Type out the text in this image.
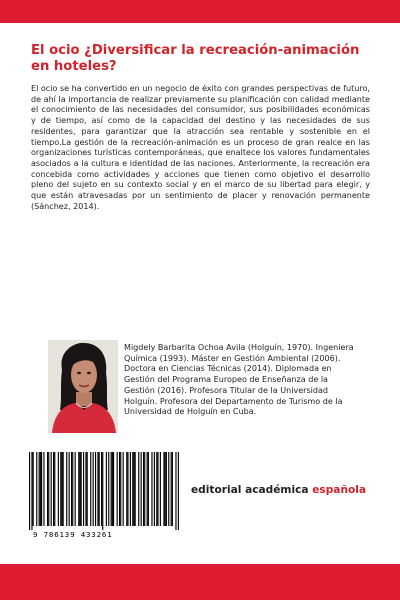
El ocio ¿Diversificar la recreación-animación en hoteles?

El ocio se ha convertido en un negocio de éxito con grandes perspectivas de futuro, de ahí la importancia de realizar previamente su planificación con calidad mediante el conocimiento de las necesidades del consumidor, sus posibilidades económicas y de tiempo, así como de la capacidad del destino y las necesidades de sus residentes, para garantizar que la atracción sea rentable y sostenible en el tiempo.La gestión de la recreación-animación es un proceso de gran realce en las organizaciones turísticas contemporáneas, que enaltece los valores fundamentales asociados a la cultura e identidad de las naciones. Anteriormente, la recreación era concebida como actividades y acciones que tienen como objetivo el desarrollo pleno del sujeto en su contexto social y en el marco de su libertad para elegir, y que están atravesadas por un sentimiento de placer y renovación permanente (Sánchez, 2014).

Migdely Barbarita Ochoa Avila (Holguín, 1970). Ingeniera Química (1993). Máster en Gestión Ambiental (2006). Doctora en Ciencias Técnicas (2014). Diplomada en Gestión del Programa Europeo de Enseñanza de la Gestión (2016). Profesora Titular de la Universidad Holguín. Profesora del Departamento de Turismo de la Universidad de Holguín en Cuba.

9 786139 433261
editorial académica española
